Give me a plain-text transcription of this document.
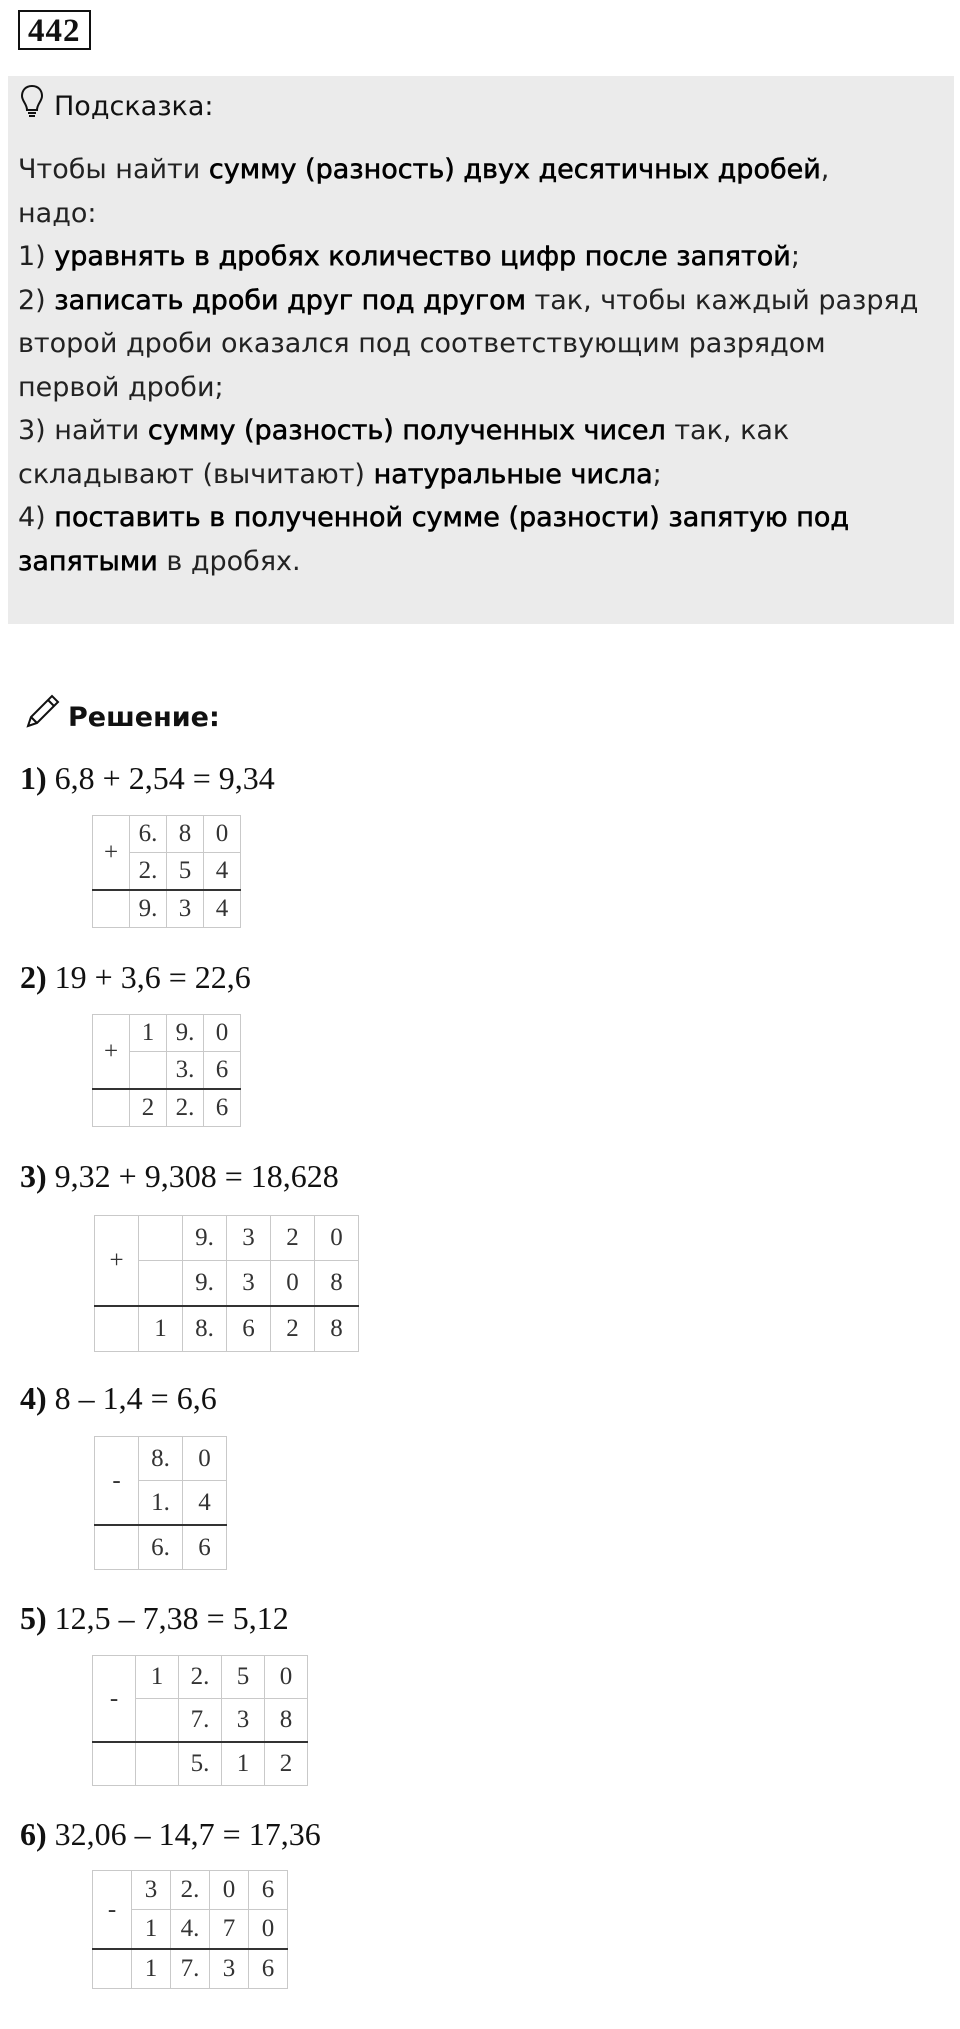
442
Подсказка:

Чтобы найти сумму (разность) двух десятичных дробей,

надо:

1) уравнять в дробях количество цифр после запятой;

2) записать дроби друг под другом так, чтобы каждый разряд

второй дроби оказался под соответствующим разрядом

первой дроби;

3) найти сумму (разность) полученных чисел так, как

складывают (вычитают) натуральные числа;

4) поставить в полученной сумме (разности) запятую под

запятыми в дробях.

Решение:
1) 6,8 + 2,54 = 9,34
+	6.	8	0
	2.	5	4
	9.	3	4
2) 19 + 3,6 = 22,6
+	1	9.	0
		3.	6
	2	2.	6
3) 9,32 + 9,308 = 18,628
+		9.	3	2	0
		9.	3	0	8
	1	8.	6	2	8
4) 8 – 1,4 = 6,6
-	8.	0
	1.	4
	6.	6
5) 12,5 – 7,38 = 5,12
-	1	2.	5	0
		7.	3	8
		5.	1	2
6) 32,06 – 14,7 = 17,36
-	3	2.	0	6
	1	4.	7	0
	1	7.	3	6
